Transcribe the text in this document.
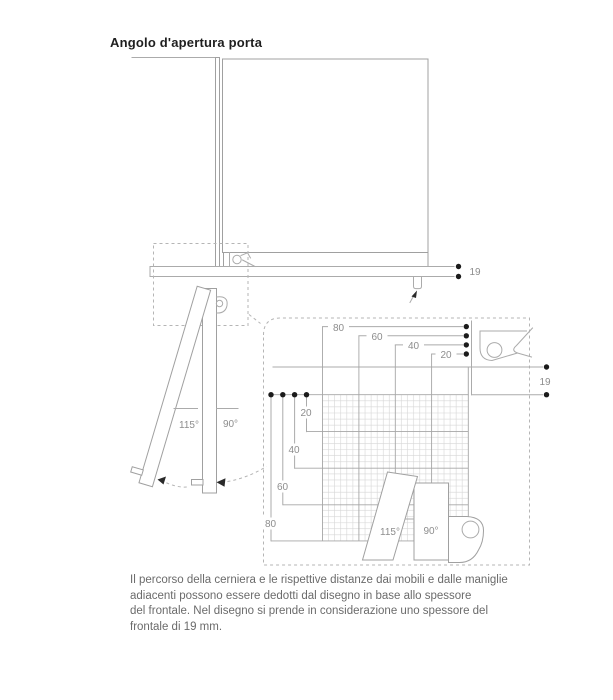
Angolo d'apertura porta
19
115° 90°
19
80
60
40
20
20
40
60
80
115° 90°
Il percorso della cerniera e le rispettive distanze dai mobili e dalle maniglie
adiacenti possono essere dedotti dal disegno in base allo spessore
del frontale. Nel disegno si prende in considerazione uno spessore del
frontale di 19 mm.
